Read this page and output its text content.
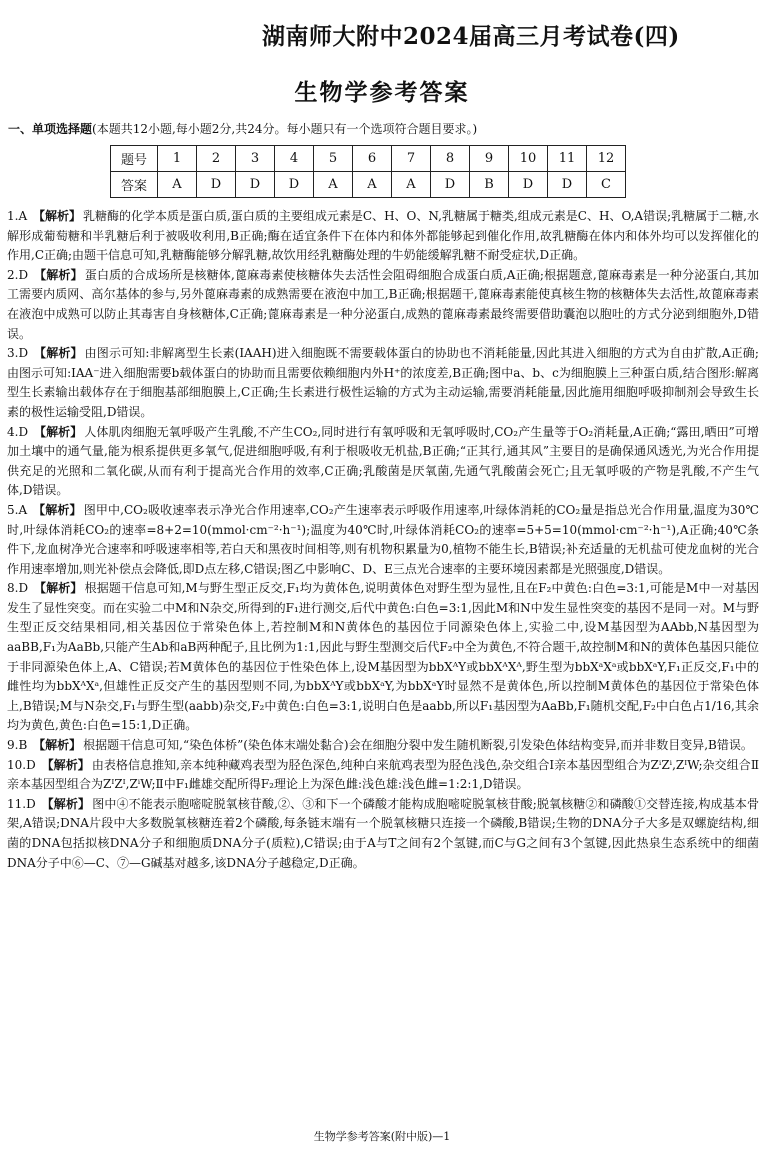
湖南师大附中2024届高三月考试卷(四)
生物学参考答案
一、单项选择题(本题共12小题,每小题2分,共24分。每小题只有一个选项符合题目要求。)
题号	1	2	3	4	5	6	7	8	9	10	11	12
答案	A	D	D	D	A	A	A	D	B	D	D	C

1.A 【解析】 乳糖酶的化学本质是蛋白质,蛋白质的主要组成元素是C、H、O、N,乳糖属于糖类,组成元素是C、H、O,A错误;乳糖属于二糖,水解形成葡萄糖和半乳糖后利于被吸收利用,B正确;酶在适宜条件下在体内和体外都能够起到催化作用,故乳糖酶在体内和体外均可以发挥催化的作用,C正确;由题干信息可知,乳糖酶能够分解乳糖,故饮用经乳糖酶处理的牛奶能缓解乳糖不耐受症状,D正确。

2.D 【解析】 蛋白质的合成场所是核糖体,蓖麻毒素使核糖体失去活性会阻碍细胞合成蛋白质,A正确;根据题意,蓖麻毒素是一种分泌蛋白,其加工需要内质网、高尔基体的参与,另外蓖麻毒素的成熟需要在液泡中加工,B正确;根据题干,蓖麻毒素能使真核生物的核糖体失去活性,故蓖麻毒素在液泡中成熟可以防止其毒害自身核糖体,C正确;蓖麻毒素是一种分泌蛋白,成熟的蓖麻毒素最终需要借助囊泡以胞吐的方式分泌到细胞外,D错误。

3.D 【解析】 由图示可知:非解离型生长素(IAAH)进入细胞既不需要载体蛋白的协助也不消耗能量,因此其进入细胞的方式为自由扩散,A正确;由图示可知:IAA⁻进入细胞需要b载体蛋白的协助而且需要依赖细胞内外H⁺的浓度差,B正确;图中a、b、c为细胞膜上三种蛋白质,结合图形:解离型生长素输出载体存在于细胞基部细胞膜上,C正确;生长素进行极性运输的方式为主动运输,需要消耗能量,因此施用细胞呼吸抑制剂会导致生长素的极性运输受阻,D错误。

4.D 【解析】 人体肌肉细胞无氧呼吸产生乳酸,不产生CO₂,同时进行有氧呼吸和无氧呼吸时,CO₂产生量等于O₂消耗量,A正确;“露田,晒田”可增加土壤中的通气量,能为根系提供更多氧气,促进细胞呼吸,有利于根吸收无机盐,B正确;“正其行,通其风”主要目的是确保通风透光,为光合作用提供充足的光照和二氧化碳,从而有利于提高光合作用的效率,C正确;乳酸菌是厌氧菌,先通气乳酸菌会死亡;且无氧呼吸的产物是乳酸,不产生气体,D错误。

5.A 【解析】 图甲中,CO₂吸收速率表示净光合作用速率,CO₂产生速率表示呼吸作用速率,叶绿体消耗的CO₂量是指总光合作用量,温度为30℃时,叶绿体消耗CO₂的速率=8+2=10(mmol·cm⁻²·h⁻¹);温度为40℃时,叶绿体消耗CO₂的速率=5+5=10(mmol·cm⁻²·h⁻¹),A正确;40℃条件下,龙血树净光合速率和呼吸速率相等,若白天和黑夜时间相等,则有机物积累量为0,植物不能生长,B错误;补充适量的无机盐可使龙血树的光合作用速率增加,则光补偿点会降低,即D点左移,C错误;图乙中影响C、D、E三点光合速率的主要环境因素都是光照强度,D错误。

8.D 【解析】 根据题干信息可知,M与野生型正反交,F₁均为黄体色,说明黄体色对野生型为显性,且在F₂中黄色:白色=3:1,可能是M中一对基因发生了显性突变。而在实验二中M和N杂交,所得到的F₁进行测交,后代中黄色:白色=3:1,因此M和N中发生显性突变的基因不是同一对。M与野生型正反交结果相同,相关基因位于常染色体上,若控制M和N黄体色的基因位于同源染色体上,实验二中,设M基因型为AAbb,N基因型为aaBB,F₁为AaBb,只能产生Ab和aB两种配子,且比例为1:1,因此与野生型测交后代F₂中全为黄色,不符合题干,故控制M和N的黄体色基因只能位于非同源染色体上,A、C错误;若M黄体色的基因位于性染色体上,设M基因型为bbXᴬY或bbXᴬXᴬ,野生型为bbXᵃXᵃ或bbXᵃY,F₁正反交,F₁中的雌性均为bbXᴬXᵃ,但雄性正反交产生的基因型则不同,为bbXᴬY或bbXᵃY,为bbXᵃY时显然不是黄体色,所以控制M黄体色的基因位于常染色体上,B错误;M与N杂交,F₁与野生型(aabb)杂交,F₂中黄色:白色=3:1,说明白色是aabb,所以F₁基因型为AaBb,F₁随机交配,F₂中白色占1/16,其余均为黄色,黄色:白色=15:1,D正确。

9.B 【解析】 根据题干信息可知,“染色体桥”(染色体末端处黏合)会在细胞分裂中发生随机断裂,引发染色体结构变异,而并非数目变异,B错误。

10.D 【解析】 由表格信息推知,亲本纯种藏鸡表型为胫色深色,纯种白来航鸡表型为胫色浅色,杂交组合Ⅰ亲本基因型组合为ZⁱZⁱ,ZᴵW;杂交组合Ⅱ亲本基因型组合为ZᴵZᴵ,ZⁱW;Ⅱ中F₁雌雄交配所得F₂理论上为深色雌:浅色雄:浅色雌=1:2:1,D错误。

11.D 【解析】 图中④不能表示胞嘧啶脱氧核苷酸,②、③和下一个磷酸才能构成胞嘧啶脱氧核苷酸;脱氧核糖②和磷酸①交替连接,构成基本骨架,A错误;DNA片段中大多数脱氧核糖连着2个磷酸,每条链末端有一个脱氧核糖只连接一个磷酸,B错误;生物的DNA分子大多是双螺旋结构,细菌的DNA包括拟核DNA分子和细胞质DNA分子(质粒),C错误;由于A与T之间有2个氢键,而C与G之间有3个氢键,因此热泉生态系统中的细菌DNA分子中⑥—C、⑦—G碱基对越多,该DNA分子越稳定,D正确。

生物学参考答案(附中版)—1
